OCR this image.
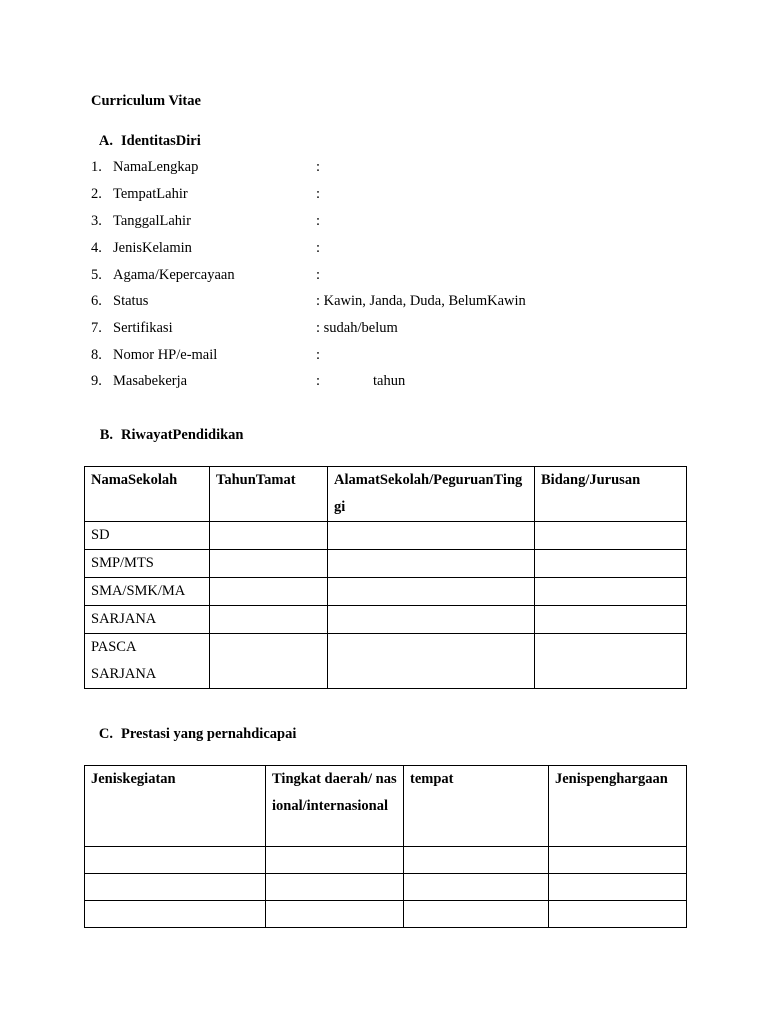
Curriculum Vitae
A. IdentitasDiri
1. NamaLengkap	:
2. TempatLahir	:
3. TanggalLahir	:
4. JenisKelamin	:
5. Agama/Kepercayaan	:
6. Status	: Kawin, Janda, Duda, BelumKawin
7. Sertifikasi	: sudah/belum
8. Nomor HP/e-mail	:
9. Masabekerja	:	tahun
B. RiwayatPendidikan
NamaSekolah	TahunTamat	AlamatSekolah/PeguruanTinggi	Bidang/Jurusan
SD			
SMP/MTS			
SMA/SMK/MA			
SARJANA			
PASCA SARJANA			
C. Prestasi yang pernahdicapai
Jeniskegiatan	Tingkat daerah/ nasional/internasional	tempat	Jenispenghargaan
